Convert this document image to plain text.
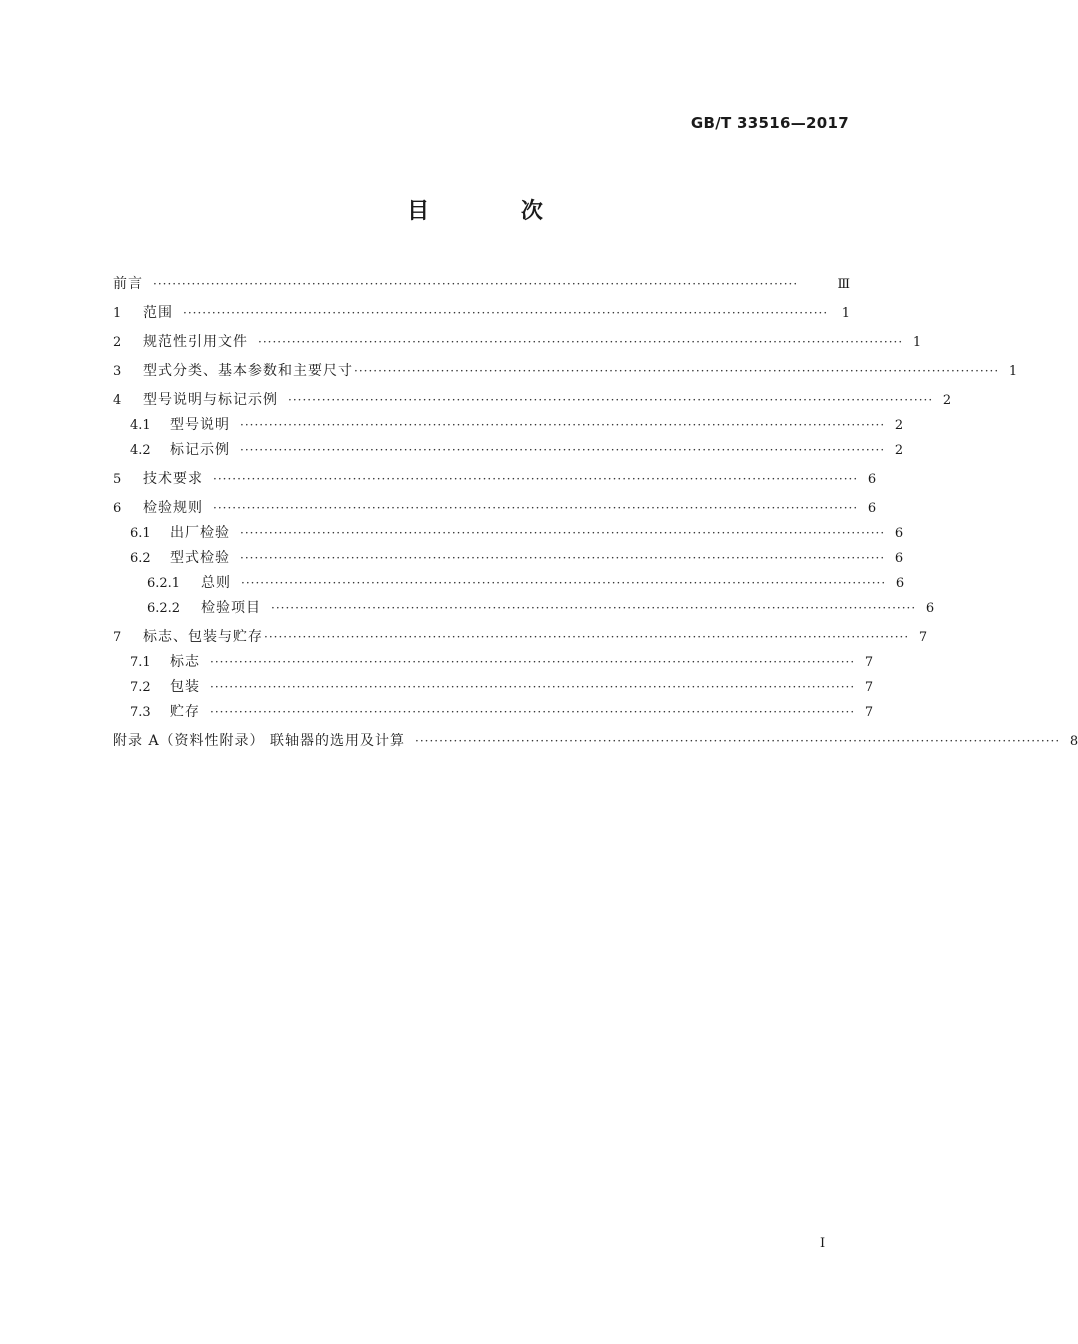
GB/T 33516—2017
目 次
前言 ······································································································································	Ⅲ
1	范围 ······································································································································	1
2	规范性引用文件 ······································································································································ 1
3	型式分类、基本参数和主要尺寸 ······································································································································ 1
4	型号说明与标记示例 ······································································································································ 2
4.1	型号说明 ······································································································································ 2
4.2	标记示例 ······································································································································ 2
5	技术要求 ······································································································································ 6
6	检验规则 ······································································································································ 6
6.1	出厂检验 ······································································································································ 6
6.2	型式检验 ······································································································································ 6
6.2.1	总则 ······································································································································ 6
6.2.2	检验项目 ······································································································································ 6
7	标志、包装与贮存 ······································································································································ 7
7.1	标志 ······································································································································ 7
7.2	包装 ······································································································································ 7
7.3	贮存 ······································································································································ 7
附录 A（资料性附录） 联轴器的选用及计算 ······································································································································ 8
I
